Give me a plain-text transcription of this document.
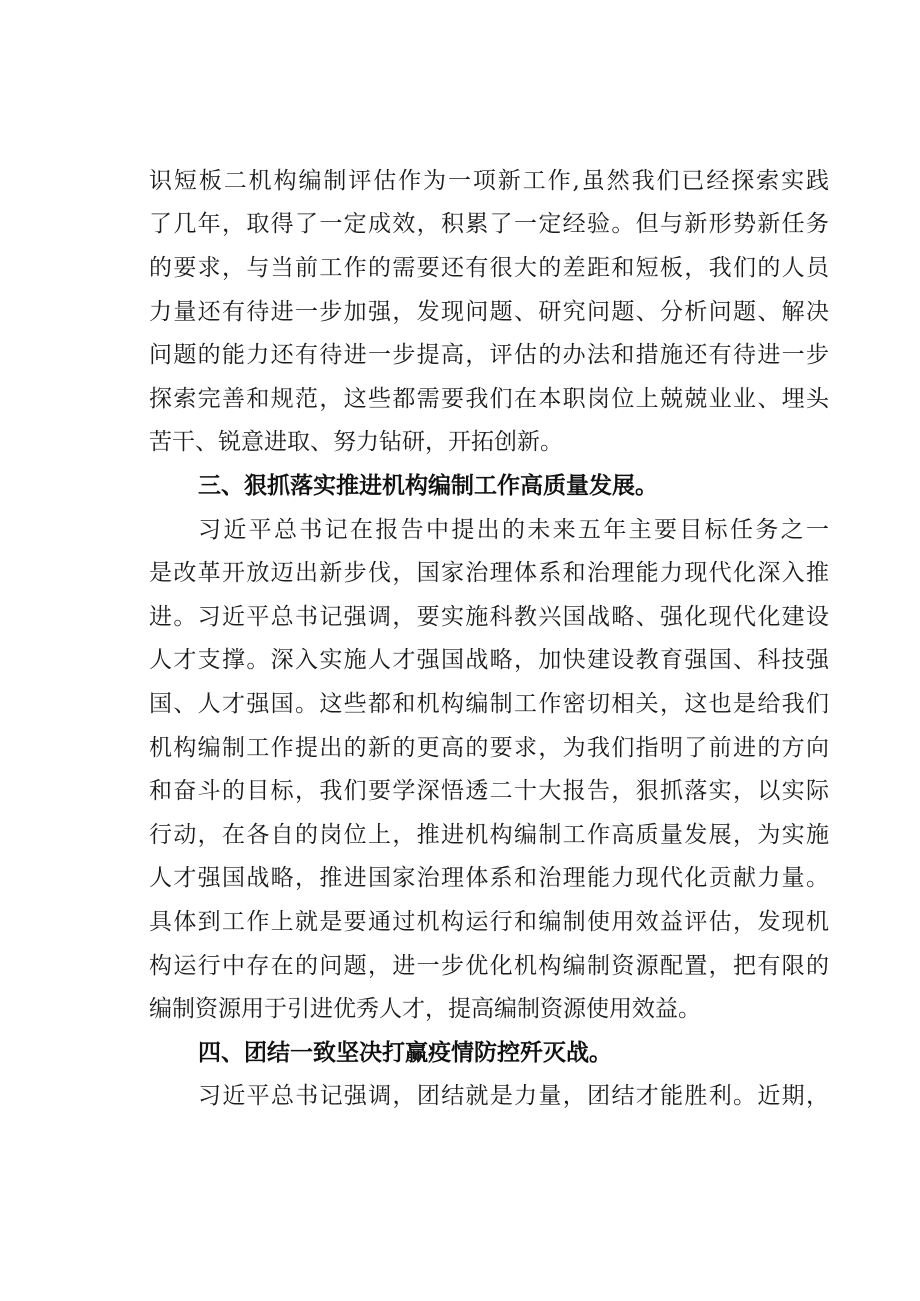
识短板二机构编制评估作为一项新工作,虽然我们已经探索实践
了几年，取得了一定成效，积累了一定经验。但与新形势新任务
的要求，与当前工作的需要还有很大的差距和短板，我们的人员
力量还有待进一步加强，发现问题、研究问题、分析问题、解决
问题的能力还有待进一步提高，评估的办法和措施还有待进一步
探索完善和规范，这些都需要我们在本职岗位上兢兢业业、埋头
苦干、锐意进取、努力钻研，开拓创新。
三、狠抓落实推进机构编制工作高质量发展。
习近平总书记在报告中提出的未来五年主要目标任务之一
是改革开放迈出新步伐，国家治理体系和治理能力现代化深入推
进。习近平总书记强调，要实施科教兴国战略、强化现代化建设
人才支撑。深入实施人才强国战略，加快建设教育强国、科技强
国、人才强国。这些都和机构编制工作密切相关，这也是给我们
机构编制工作提出的新的更高的要求，为我们指明了前进的方向
和奋斗的目标，我们要学深悟透二十大报告，狠抓落实，以实际
行动，在各自的岗位上，推进机构编制工作高质量发展，为实施
人才强国战略，推进国家治理体系和治理能力现代化贡献力量。
具体到工作上就是要通过机构运行和编制使用效益评估，发现机
构运行中存在的问题，进一步优化机构编制资源配置，把有限的
编制资源用于引进优秀人才，提高编制资源使用效益。
四、团结一致坚决打赢疫情防控歼灭战。
习近平总书记强调，团结就是力量，团结才能胜利。近期，
